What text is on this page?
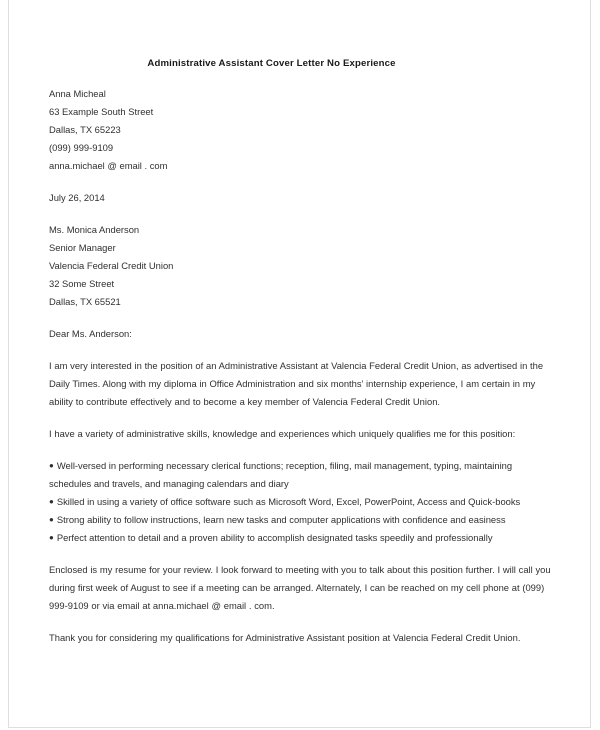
Administrative Assistant Cover Letter No Experience
Anna Micheal
63 Example South Street
Dallas, TX 65223
(099) 999-9109
anna.michael @ email . com
July 26, 2014
Ms. Monica Anderson
Senior Manager
Valencia Federal Credit Union
32 Some Street
Dallas, TX 65521
Dear Ms. Anderson:

I am very interested in the position of an Administrative Assistant at Valencia Federal Credit Union, as advertised in the Daily Times. Along with my diploma in Office Administration and six months’ internship experience, I am certain in my ability to contribute effectively and to become a key member of Valencia Federal Credit Union.

I have a variety of administrative skills, knowledge and experiences which uniquely qualifies me for this position:

● Well-versed in performing necessary clerical functions; reception, filing, mail management, typing, maintaining schedules and travels, and managing calendars and diary
● Skilled in using a variety of office software such as Microsoft Word, Excel, PowerPoint, Access and Quick-books
● Strong ability to follow instructions, learn new tasks and computer applications with confidence and easiness
● Perfect attention to detail and a proven ability to accomplish designated tasks speedily and professionally

Enclosed is my resume for your review. I look forward to meeting with you to talk about this position further. I will call you during first week of August to see if a meeting can be arranged. Alternately, I can be reached on my cell phone at (099) 999-9109 or via email at anna.michael @ email . com.

Thank you for considering my qualifications for Administrative Assistant position at Valencia Federal Credit Union.
